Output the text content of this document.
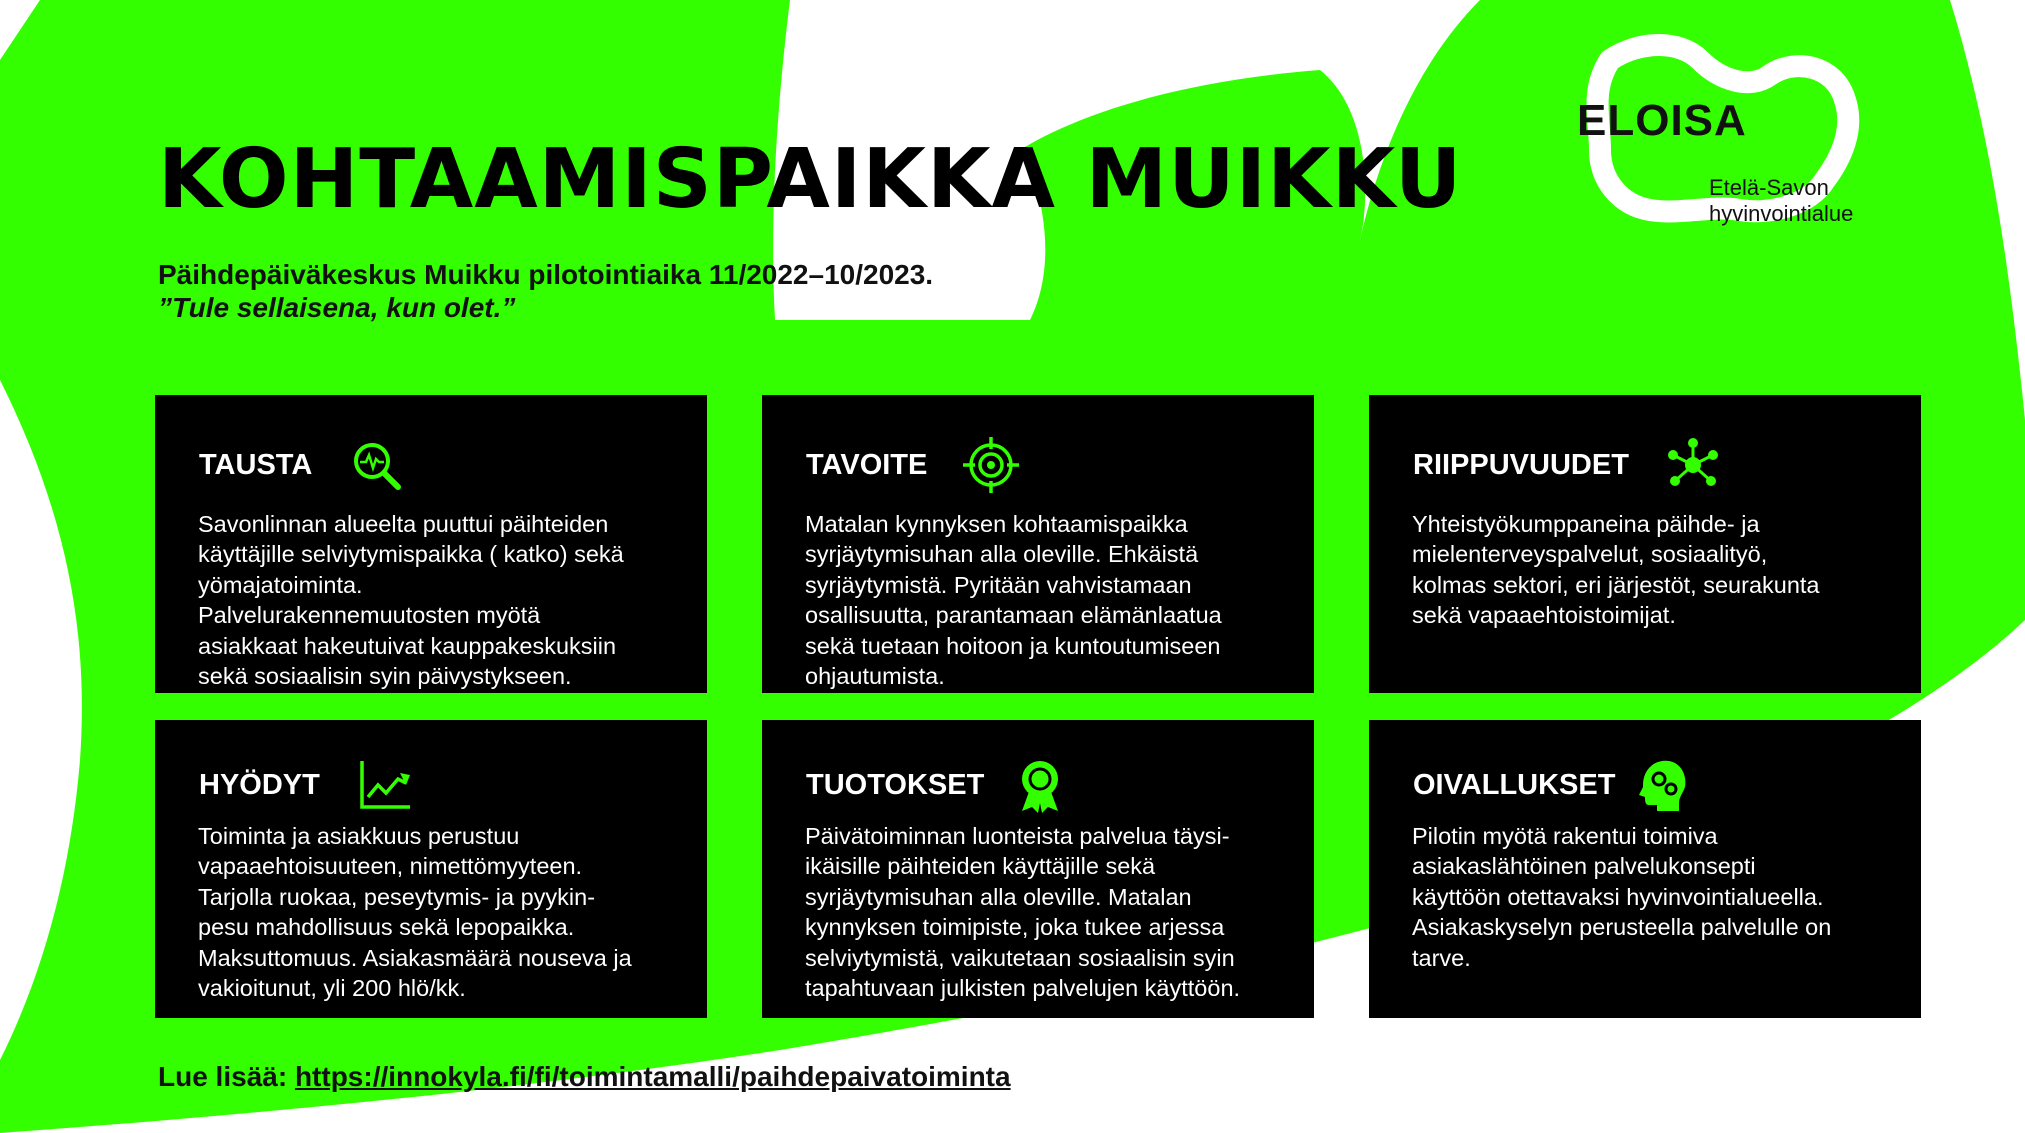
ELOISA
Etelä-Savon
hyvinvointialue
KOHTAAMISPAIKKA MUIKKU
Päihdepäiväkeskus Muikku pilotointiaika 11/2022–10/2023.
”Tule sellaisena, kun olet.”
TAUSTA
Savonlinnan alueelta puuttui päihteiden
käyttäjille selviytymispaikka ( katko) sekä
yömajatoiminta.
Palvelurakennemuutosten myötä
asiakkaat hakeutuivat kauppakeskuksiin
sekä sosiaalisin syin päivystykseen.
TAVOITE
Matalan kynnyksen kohtaamispaikka
syrjäytymisuhan alla oleville. Ehkäistä
syrjäytymistä. Pyritään vahvistamaan
osallisuutta, parantamaan elämänlaatua
sekä tuetaan hoitoon ja kuntoutumiseen
ohjautumista.
RIIPPUVUUDET
Yhteistyökumppaneina päihde- ja
mielenterveyspalvelut, sosiaalityö,
kolmas sektori, eri järjestöt, seurakunta
sekä vapaaehtoistoimijat.
HYÖDYT
Toiminta ja asiakkuus perustuu
vapaaehtoisuuteen, nimettömyyteen.
Tarjolla ruokaa, peseytymis- ja pyykin-
pesu mahdollisuus sekä lepopaikka.
Maksuttomuus. Asiakasmäärä nouseva ja
vakioitunut, yli 200 hlö/kk.
TUOTOKSET
Päivätoiminnan luonteista palvelua täysi-
ikäisille päihteiden käyttäjille sekä
syrjäytymisuhan alla oleville. Matalan
kynnyksen toimipiste, joka tukee arjessa
selviytymistä, vaikutetaan sosiaalisin syin
tapahtuvaan julkisten palvelujen käyttöön.
OIVALLUKSET
Pilotin myötä rakentui toimiva
asiakaslähtöinen palvelukonsepti
käyttöön otettavaksi hyvinvointialueella.
Asiakaskyselyn perusteella palvelulle on
tarve.
Lue lisää: https://innokyla.fi/fi/toimintamalli/paihdepaivatoiminta
